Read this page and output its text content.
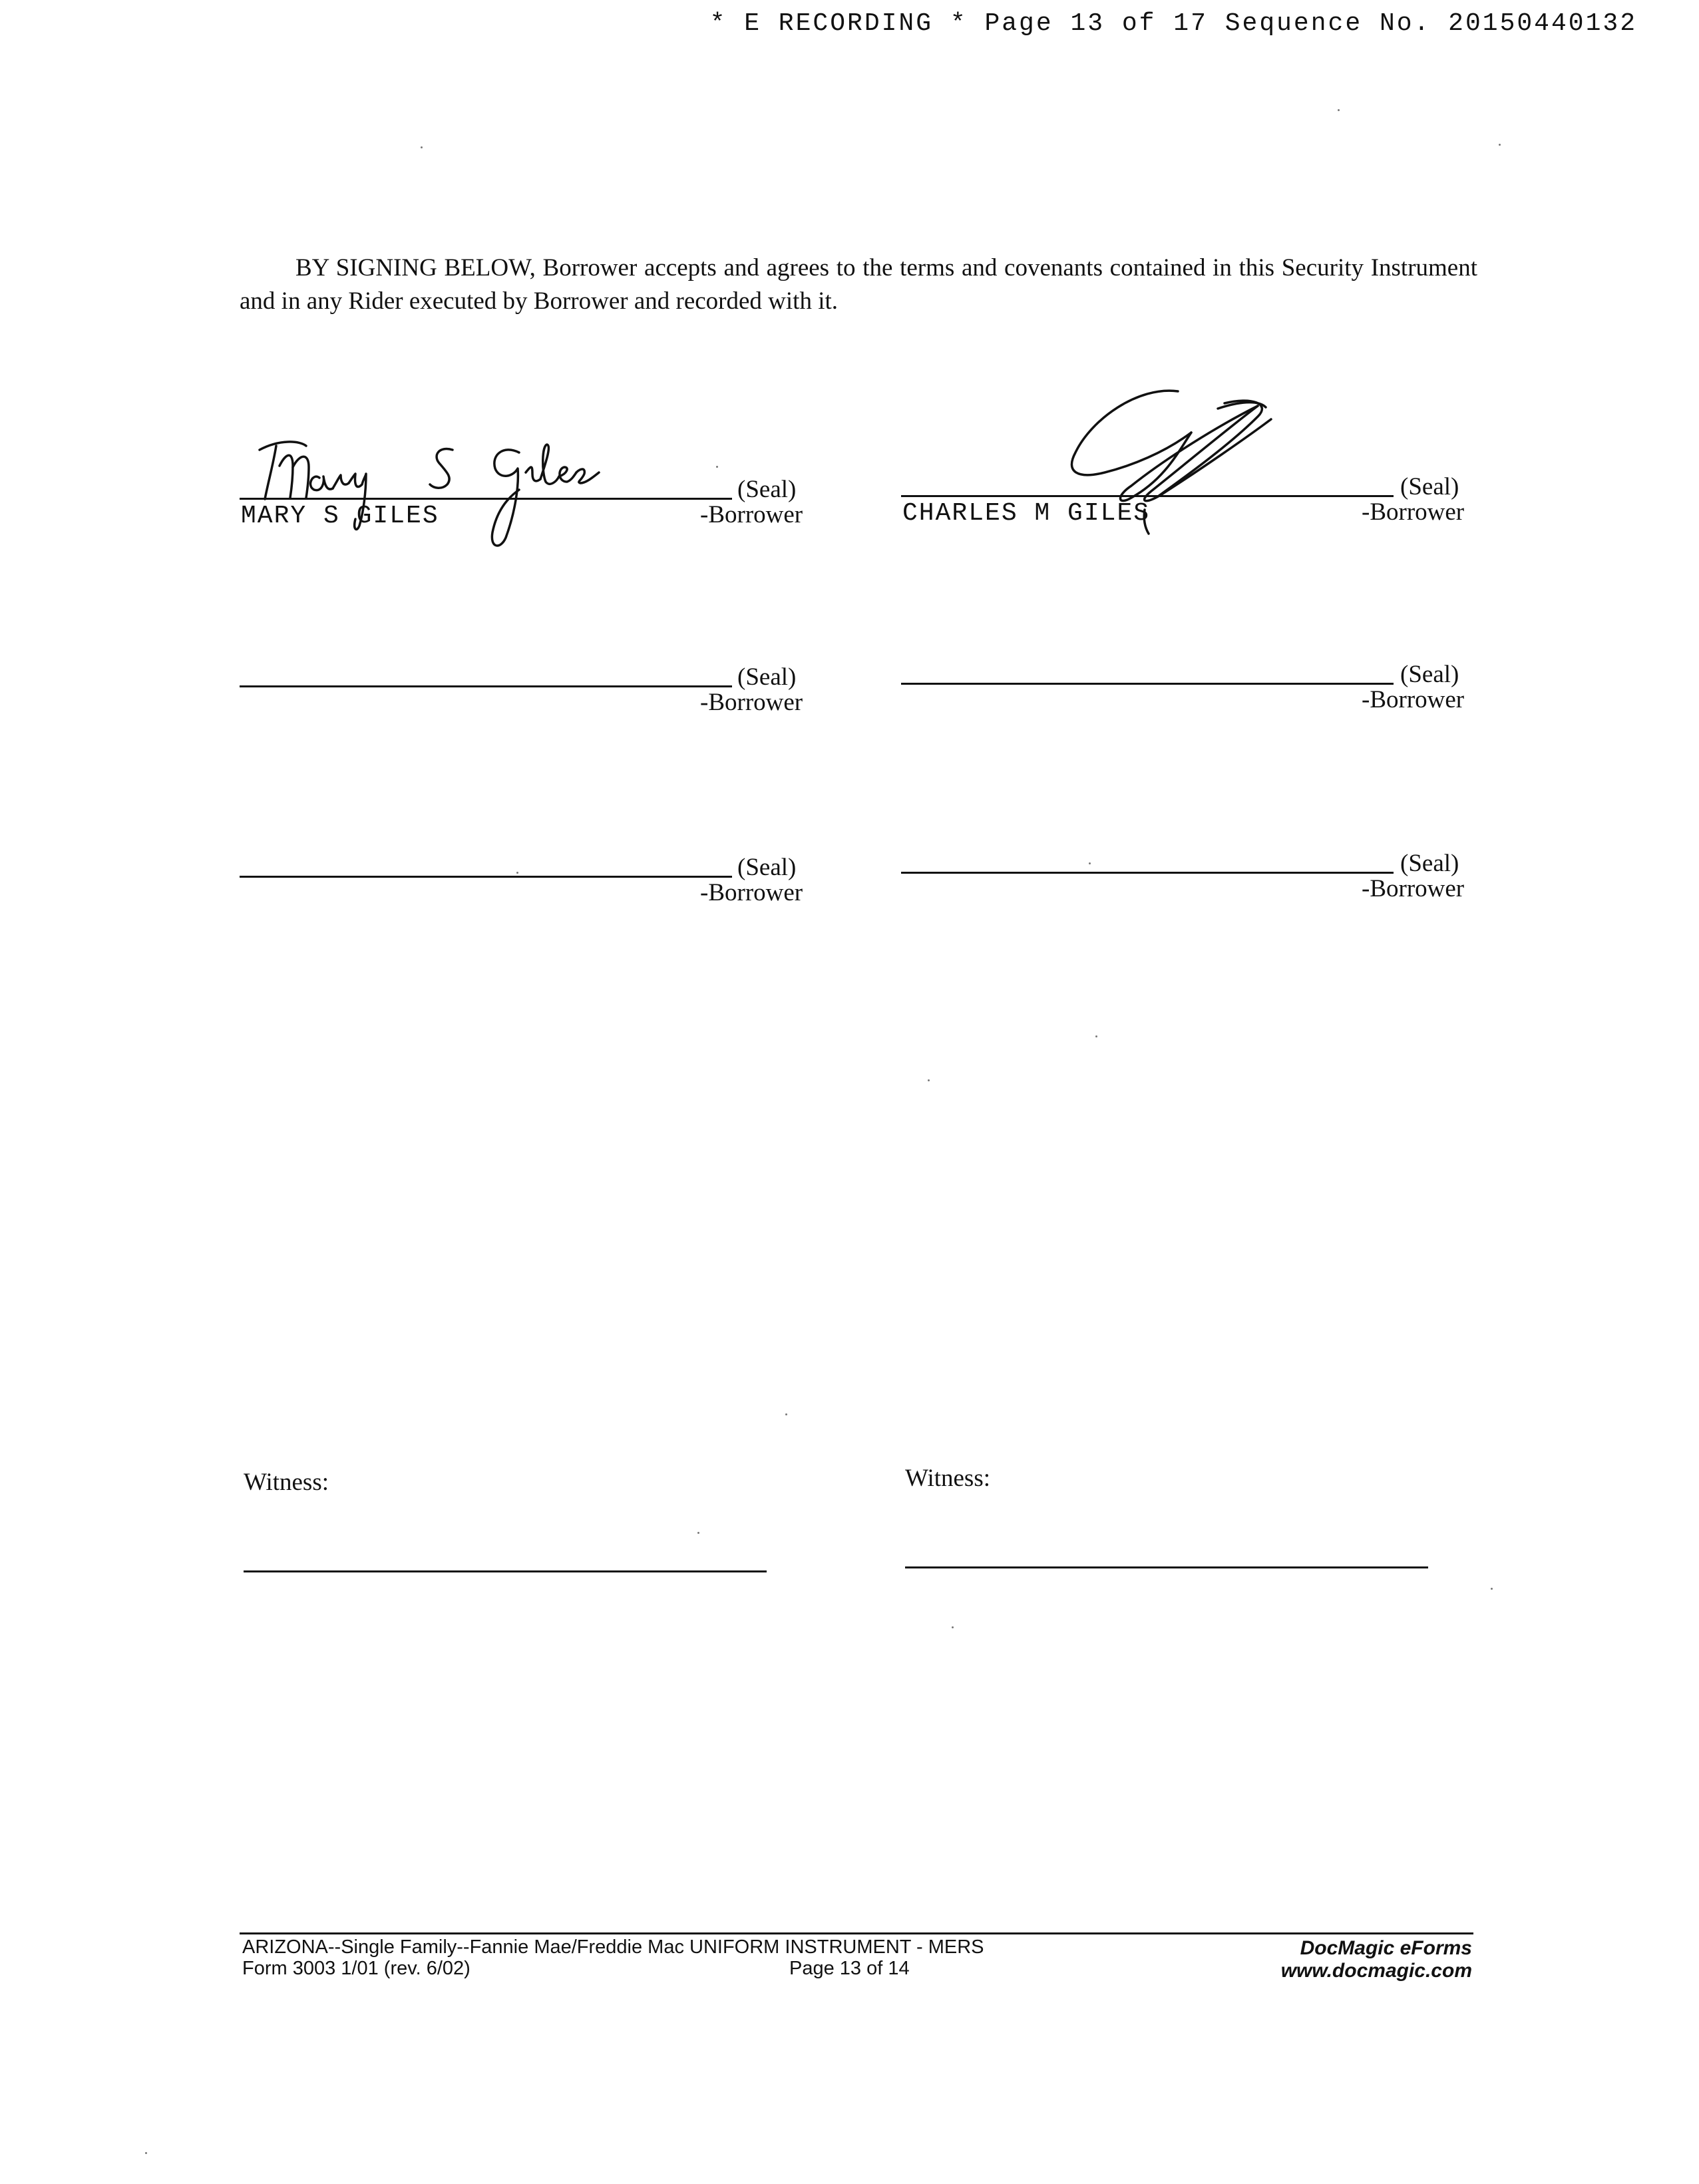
* E RECORDING * Page 13 of 17 Sequence No. 20150440132
BY SIGNING BELOW, Borrower accepts and agrees to the terms and covenants contained in this Security Instrument and in any Rider executed by Borrower and recorded with it.
(Seal)
MARY S GILES	-Borrower
(Seal)
CHARLES M GILES	-Borrower
(Seal)
-Borrower
(Seal)
-Borrower
(Seal)
-Borrower
(Seal)
-Borrower
Witness:	Witness:
ARIZONA--Single Family--Fannie Mae/Freddie Mac UNIFORM INSTRUMENT - MERS
Form 3003 1/01 (rev. 6/02)	Page 13 of 14
DocMagic eForms
www.docmagic.com
